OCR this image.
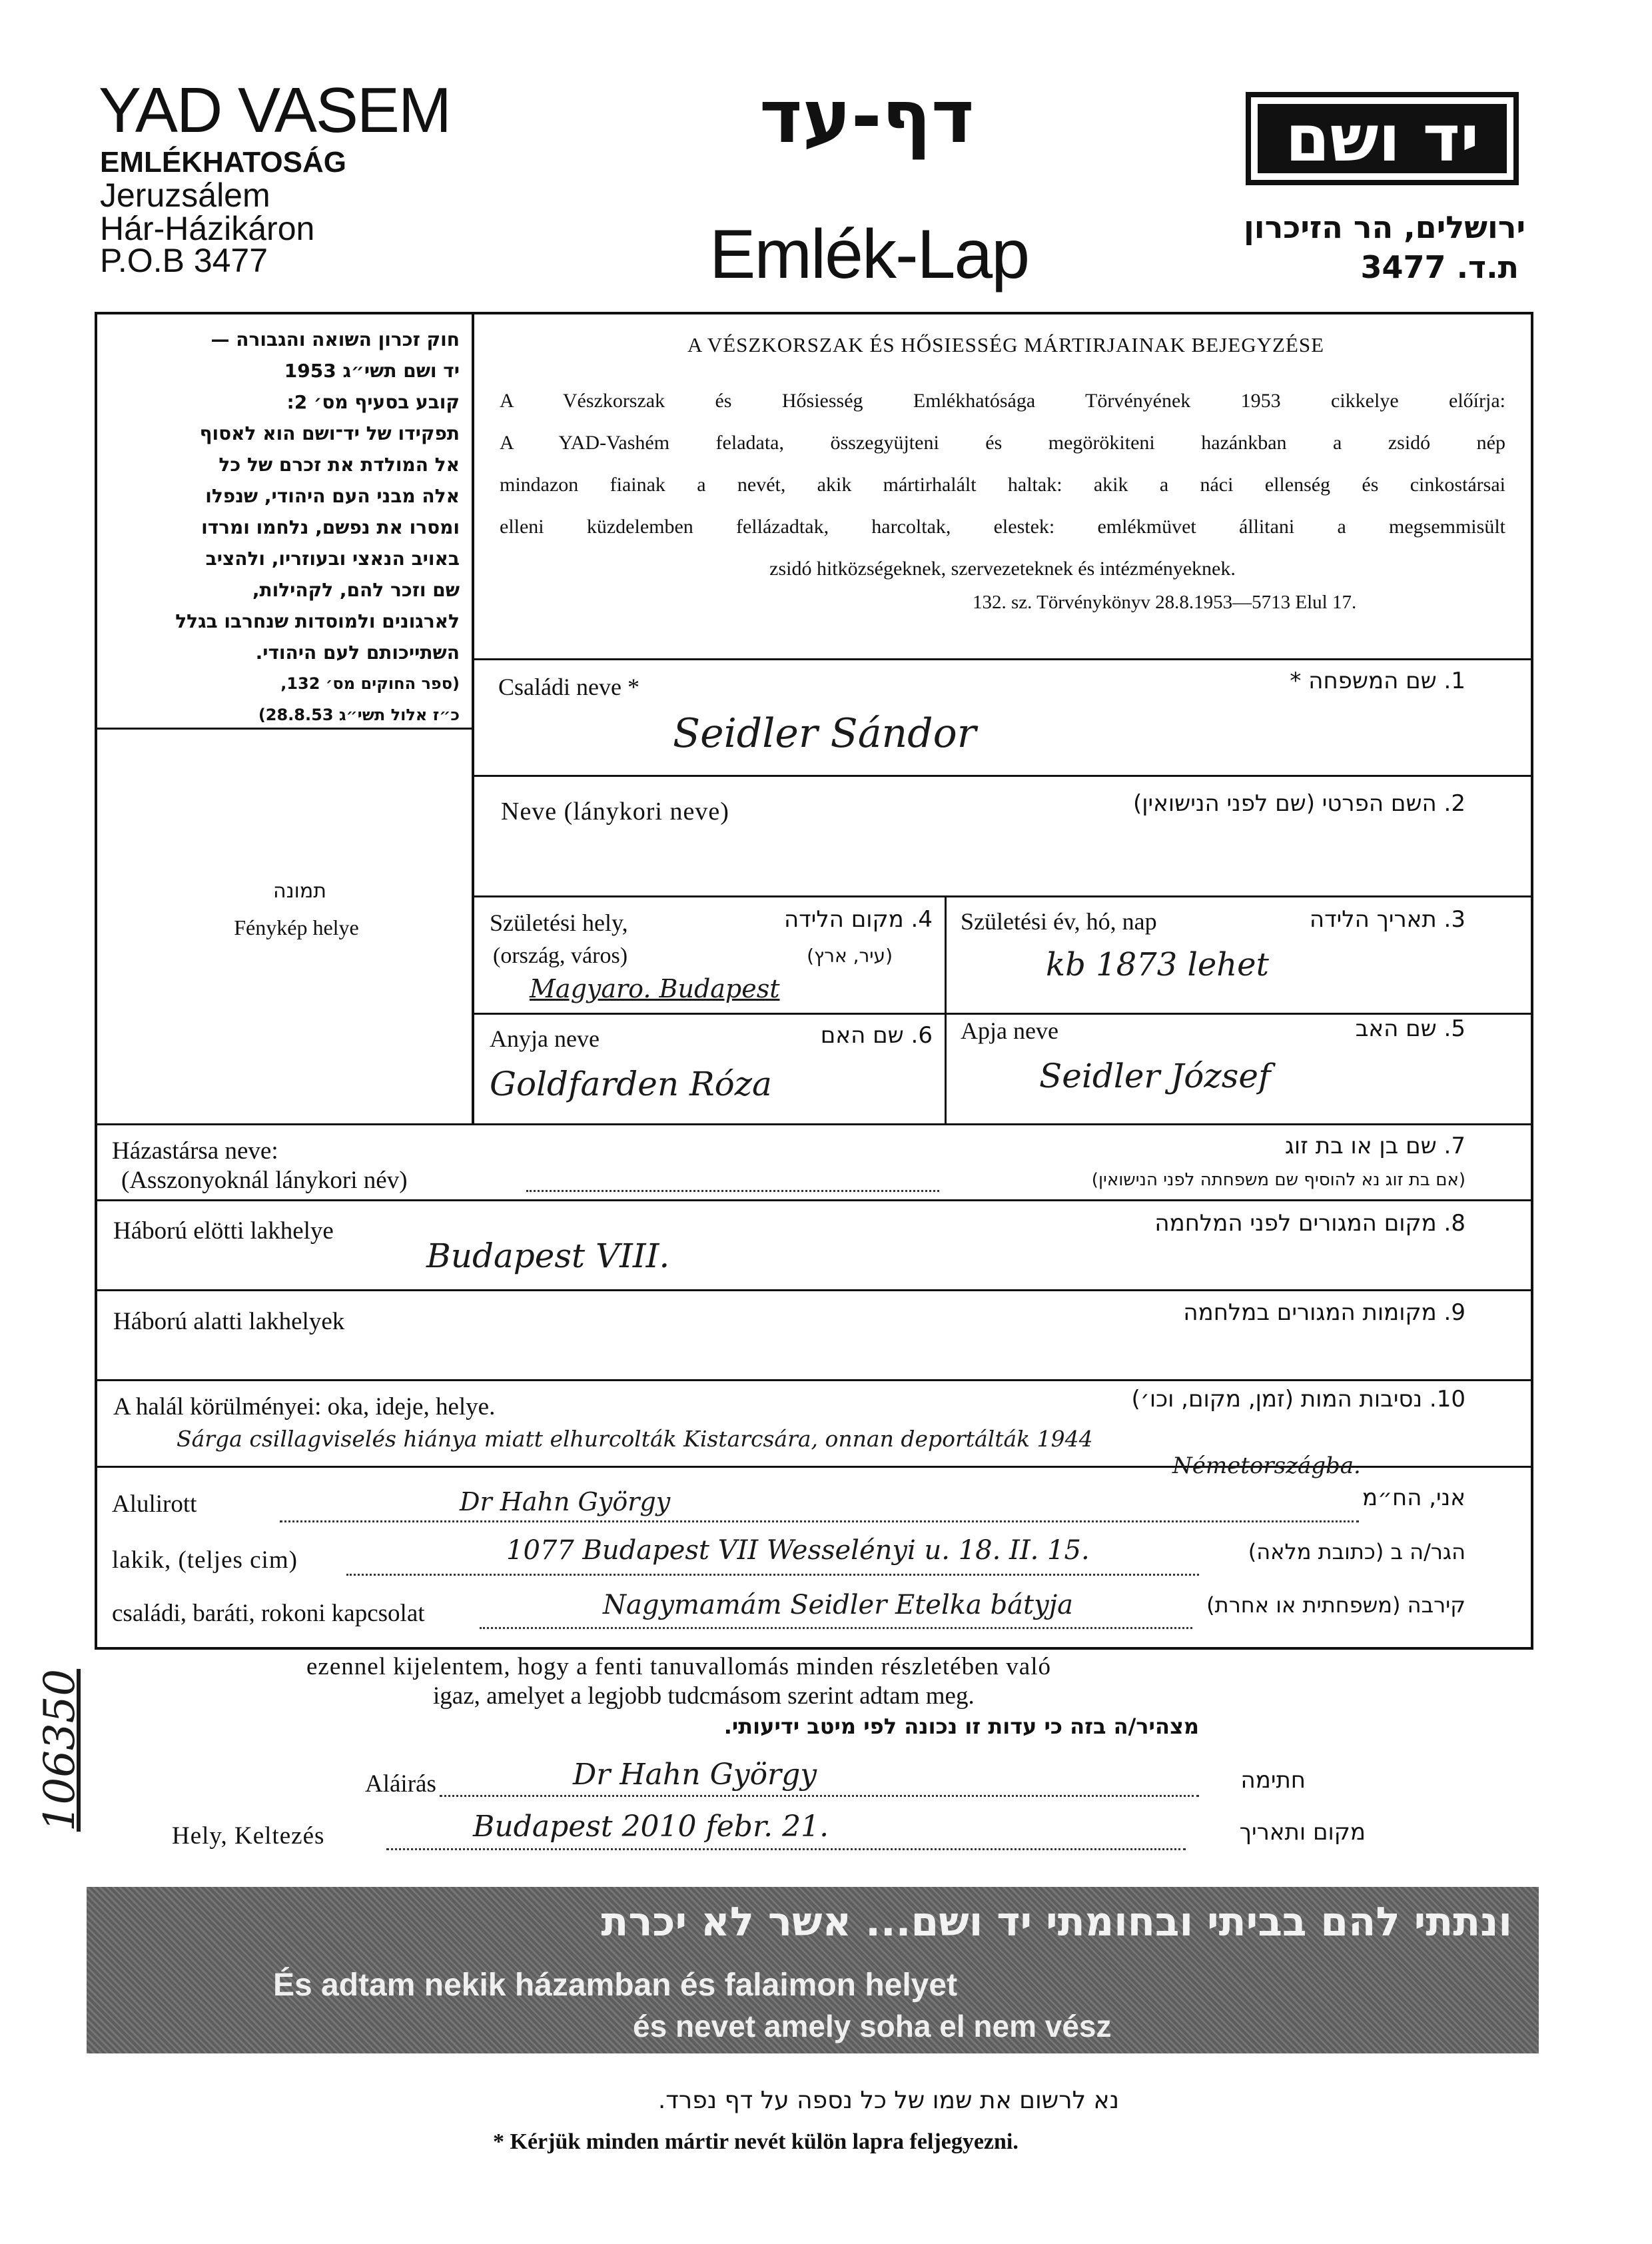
YAD VASEM
EMLÉKHATOSÁG
Jeruzsálem
Hár-Házikáron
P.O.B 3477
דף-עד
Emlék-Lap
יד ושם
ירושלים, הר הזיכרון
ת.ד. 3477
חוק זכרון השואה והגבורה —
יד ושם תשי״ג 1953
קובע בסעיף מס׳ 2:
תפקידו של יד־ושם הוא לאסוף
אל המולדת את זכרם של כל
אלה מבני העם היהודי, שנפלו
ומסרו את נפשם, נלחמו ומרדו
באויב הנאצי ובעוזריו, ולהציב
שם וזכר להם, לקהילות,
לארגונים ולמוסדות שנחרבו בגלל
השתייכותם לעם היהודי.
(ספר החוקים מס׳ 132,
כ״ז אלול תשי״ג 28.8.53)
תמונה
Fénykép helye
A VÉSZKORSZAK ÉS HŐSIESSÉG MÁRTIRJAINAK BEJEGYZÉSE
A Vészkorszak és Hősiesség Emlékhatósága Törvényének 1953 cikkelye előírja:
A YAD-Vashém feladata, összegyüjteni és megörökiteni hazánkban a zsidó nép
mindazon fiainak a nevét, akik mártirhalált haltak: akik a náci ellenség és cinkostársai
elleni küzdelemben fellázadtak, harcoltak, elestek: emlékmüvet állitani a megsemmisült
zsidó hitközségeknek, szervezeteknek és intézményeknek.
132. sz. Törvénykönyv 28.8.1953—5713 Elul 17.
Családi neve *	1. שם המשפחה *
Seidler Sándor
Neve (lánykori neve)	2. השם הפרטי (שם לפני הנישואין)
Születési hely,
(ország, város)
4. מקום הלידה
(עיר, ארץ)
Magyaro. Budapest
Születési év, hó, nap	3. תאריך הלידה
kb 1873 lehet
Anyja neve	6. שם האם
Goldfarden Róza
Apja neve	5. שם האב
Seidler József
Házastársa neve:
(Asszonyoknál lánykori név)
7. שם בן או בת זוג
(אם בת זוג נא להוסיף שם משפחתה לפני הנישואין)
Háború elötti lakhelye	8. מקום המגורים לפני המלחמה
Budapest VIII.
Háború alatti lakhelyek	9. מקומות המגורים במלחמה
A halál körülményei: oka, ideje, helye.	10. נסיבות המות (זמן, מקום, וכו׳)
Sárga csillagviselés hiánya miatt elhurcolták Kistarcsára, onnan deportálták 1944
Németországba.
Alulirott	Dr Hahn György	אני, הח״מ
lakik, (teljes cim)	1077 Budapest VII Wesselényi u. 18. II. 15.	הגר/ה ב (כתובת מלאה)
családi, baráti, rokoni kapcsolat	Nagymamám Seidler Etelka bátyja	קירבה (משפחתית או אחרת)
ezennel kijelentem, hogy a fenti tanuvallomás minden részletében való
igaz, amelyet a legjobb tudcmásom szerint adtam meg.
מצהיר/ה בזה כי עדות זו נכונה לפי מיטב ידיעותי.
Aláirás	Dr Hahn György	חתימה
Hely, Keltezés	Budapest 2010 febr. 21.	מקום ותאריך
106350
ונתתי להם בביתי ובחומתי יד ושם... אשר לא יכרת
És adtam nekik házamban és falaimon helyet
és nevet amely soha el nem vész
נא לרשום את שמו של כל נספה על דף נפרד.
* Kérjük minden mártir nevét külön lapra feljegyezni.
